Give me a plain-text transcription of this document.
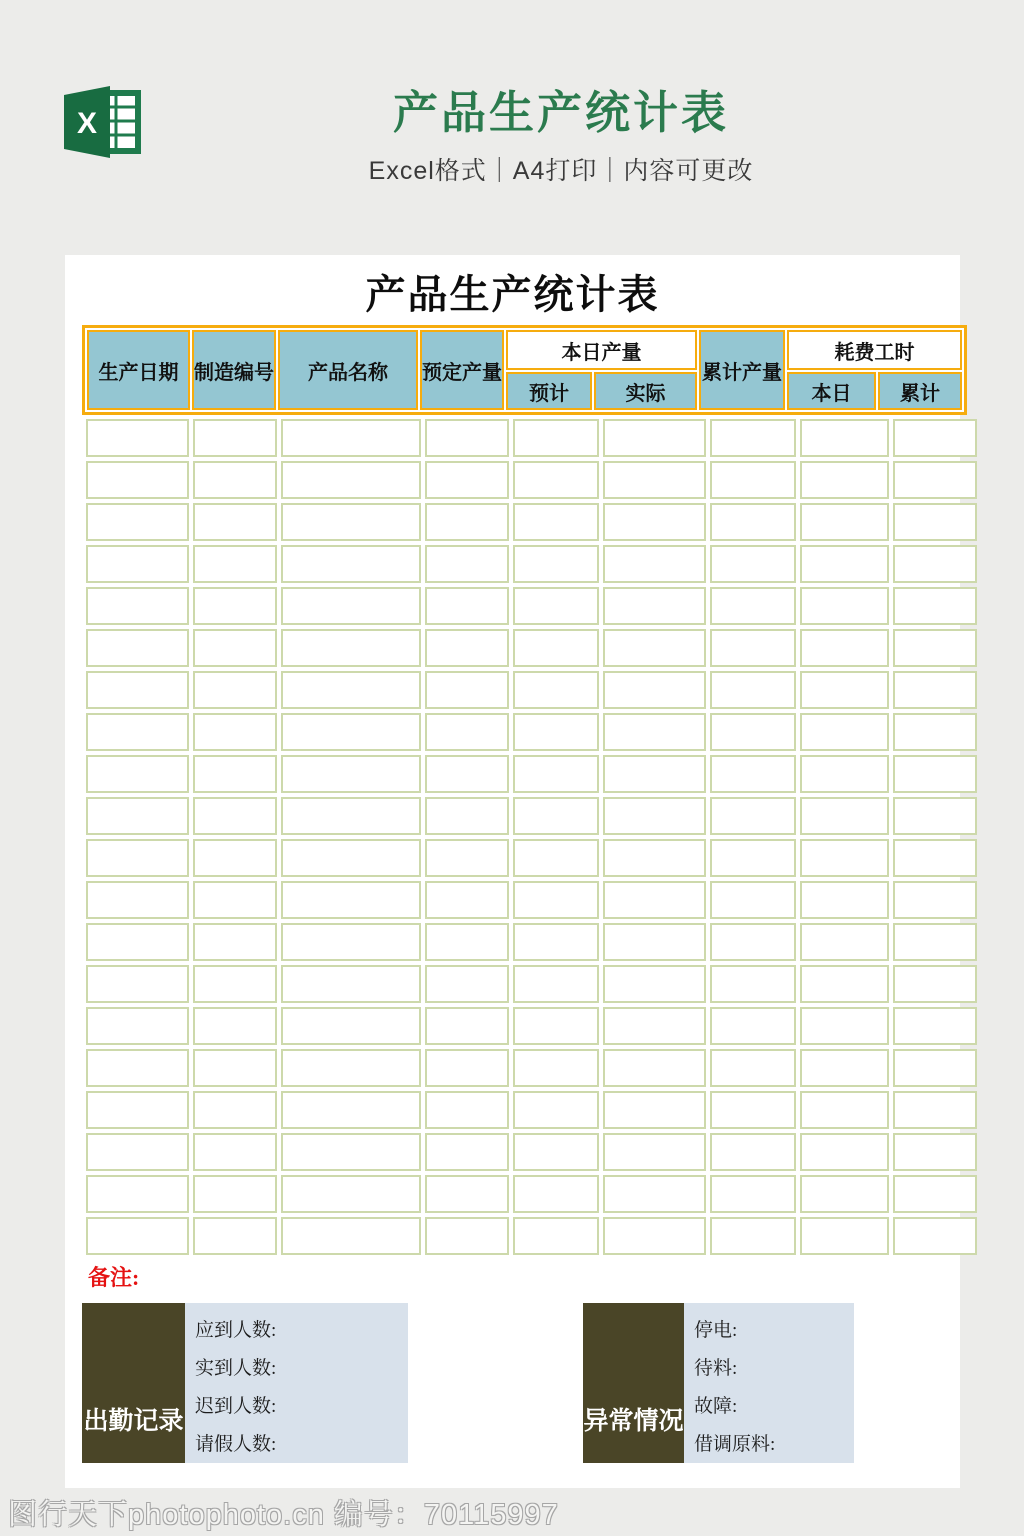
X	产品生产统计表
Excel格式｜A4打印｜内容可更改
产品生产统计表
生产日期	制造编号	产品名称	预定产量	本日产量		累计产量	耗费工时	
				预计	实际		本日	累计

备注:
出勤记录
应到人数:
实到人数:
迟到人数:
请假人数:
异常情况
停电:
待料:
故障:
借调原料:
图行天下photophoto.cn 编号：70115997
